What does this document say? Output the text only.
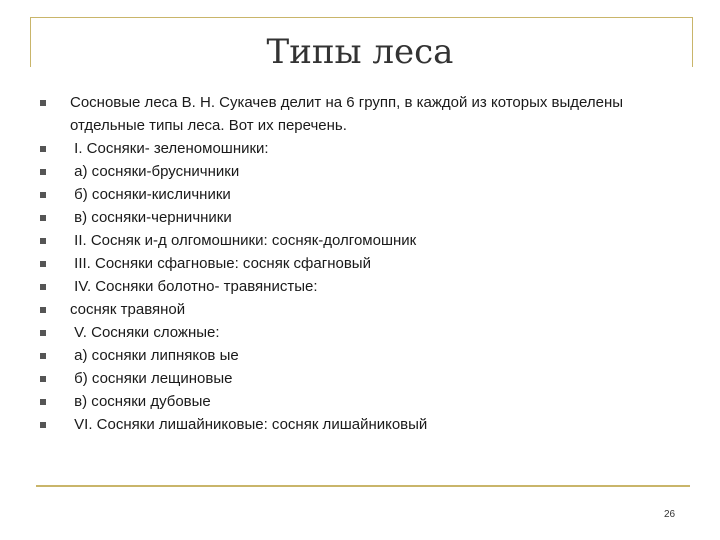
Типы леса
Сосновые леса В. Н. Сукачев делит на 6 групп, в каждой из которых выделены отдельные типы леса. Вот их перечень.
I. Сосняки- зеленомошники:
а) сосняки-брусничники
б) сосняки-кисличники
в) сосняки-черничники
II. Сосняк и-д олгомошники: сосняк-долгомошник
III. Сосняки сфагновые: сосняк сфагновый
IV. Сосняки болотно- травянистые:
сосняк травяной
V. Сосняки сложные:
а) сосняки липняков ые
б) сосняки лещиновые
в) сосняки дубовые
VI. Сосняки лишайниковые: сосняк лишайниковый
26
